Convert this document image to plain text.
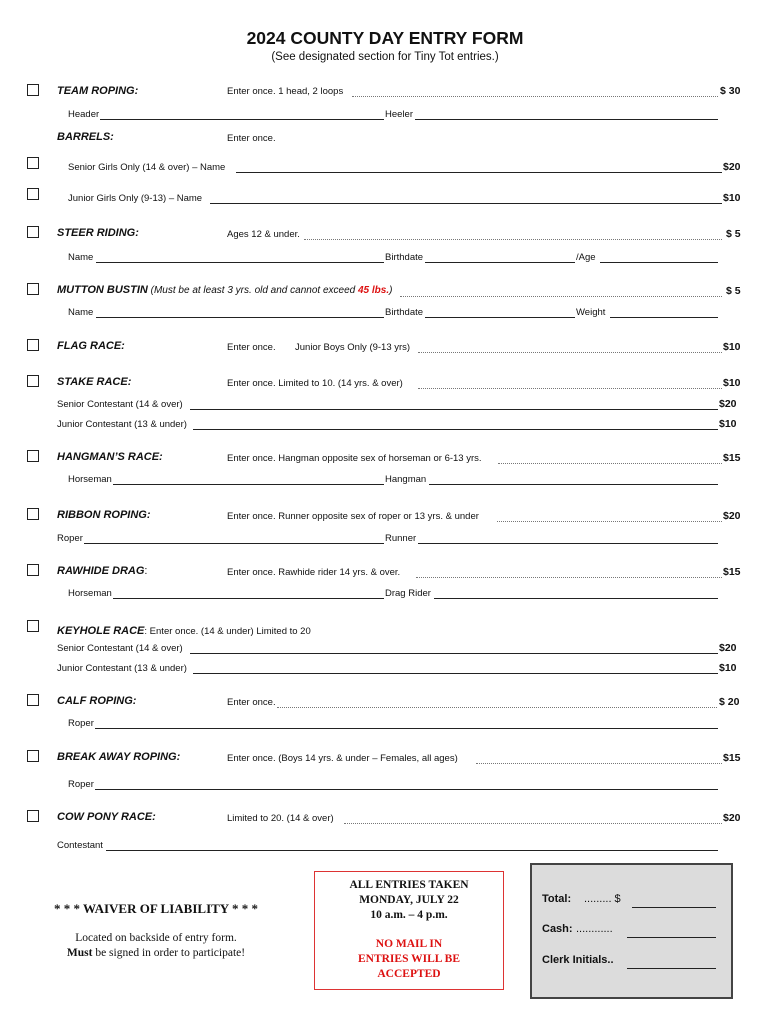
2024 COUNTY DAY ENTRY FORM
(See designated section for Tiny Tot entries.)
TEAM ROPING:	Enter once. 1 head, 2 loops	$ 30
Header	Heeler
BARRELS:	Enter once.
Senior Girls Only (14 & over) – Name	$20
Junior Girls Only (9-13) – Name	$10
STEER RIDING:	Ages 12 & under.	$ 5
Name	Birthdate	/Age
MUTTON BUSTIN (Must be at least 3 yrs. old and cannot exceed 45 lbs.)	$ 5
Name	Birthdate	Weight
FLAG RACE:	Enter once. Junior Boys Only (9-13 yrs)	$10
STAKE RACE:	Enter once. Limited to 10. (14 yrs. & over)	$10
Senior Contestant (14 & over)	$20
Junior Contestant (13 & under)	$10
HANGMAN’S RACE:	Enter once. Hangman opposite sex of horseman or 6-13 yrs.	$15
Horseman	Hangman
RIBBON ROPING:	Enter once. Runner opposite sex of roper or 13 yrs. & under	$20
Roper	Runner
RAWHIDE DRAG:	Enter once. Rawhide rider 14 yrs. & over.	$15
Horseman	Drag Rider
KEYHOLE RACE: Enter once. (14 & under) Limited to 20
Senior Contestant (14 & over)	$20
Junior Contestant (13 & under)	$10
CALF ROPING:	Enter once.	$ 20
Roper
BREAK AWAY ROPING:	Enter once. (Boys 14 yrs. & under – Females, all ages)	$15
Roper
COW PONY RACE:	Limited to 20. (14 & over)	$20
Contestant
* * * WAIVER OF LIABILITY * * *
Located on backside of entry form.
Must be signed in order to participate!
ALL ENTRIES TAKEN
MONDAY, JULY 22
10 a.m. – 4 p.m.
NO MAIL IN
ENTRIES WILL BE
ACCEPTED
Total: ......... $
Cash: ............
Clerk Initials..
